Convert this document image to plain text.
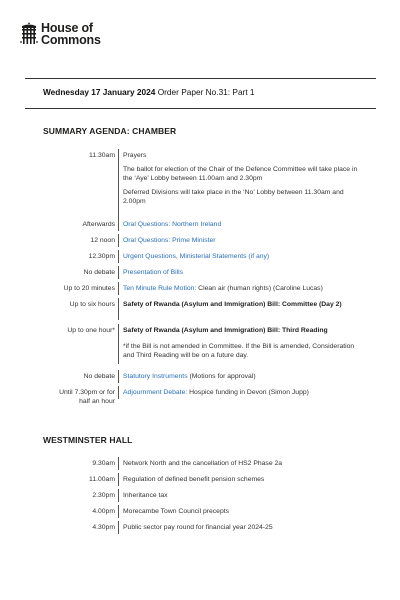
House of
Commons
Wednesday 17 January 2024 Order Paper No.31: Part 1
SUMMARY AGENDA: CHAMBER
11.30am Prayers
The ballot for election of the Chair of the Defence Committee will take place in the ‘Aye’ Lobby between 11.00am and 2.30pm
Deferred Divisions will take place in the ‘No’ Lobby between 11.30am and 2.00pm
Afterwards Oral Questions: Northern Ireland
12 noon Oral Questions: Prime Minister
12.30pm Urgent Questions, Ministerial Statements (if any)
No debate Presentation of Bills
Up to 20 minutes Ten Minute Rule Motion: Clean air (human rights) (Caroline Lucas)
Up to six hours Safety of Rwanda (Asylum and Immigration) Bill: Committee (Day 2)
Up to one hour* Safety of Rwanda (Asylum and Immigration) Bill: Third Reading
*if the Bill is not amended in Committee. If the Bill is amended, Consideration and Third Reading will be on a future day.
No debate Statutory Instruments (Motions for approval)
Until 7.30pm or for
half an hour
Adjournment Debate: Hospice funding in Devon (Simon Jupp)
WESTMINSTER HALL
9.30am Network North and the cancellation of HS2 Phase 2a
11.00am Regulation of defined benefit pension schemes
2.30pm Inheritance tax
4.00pm Morecambe Town Council precepts
4.30pm Public sector pay round for financial year 2024-25
